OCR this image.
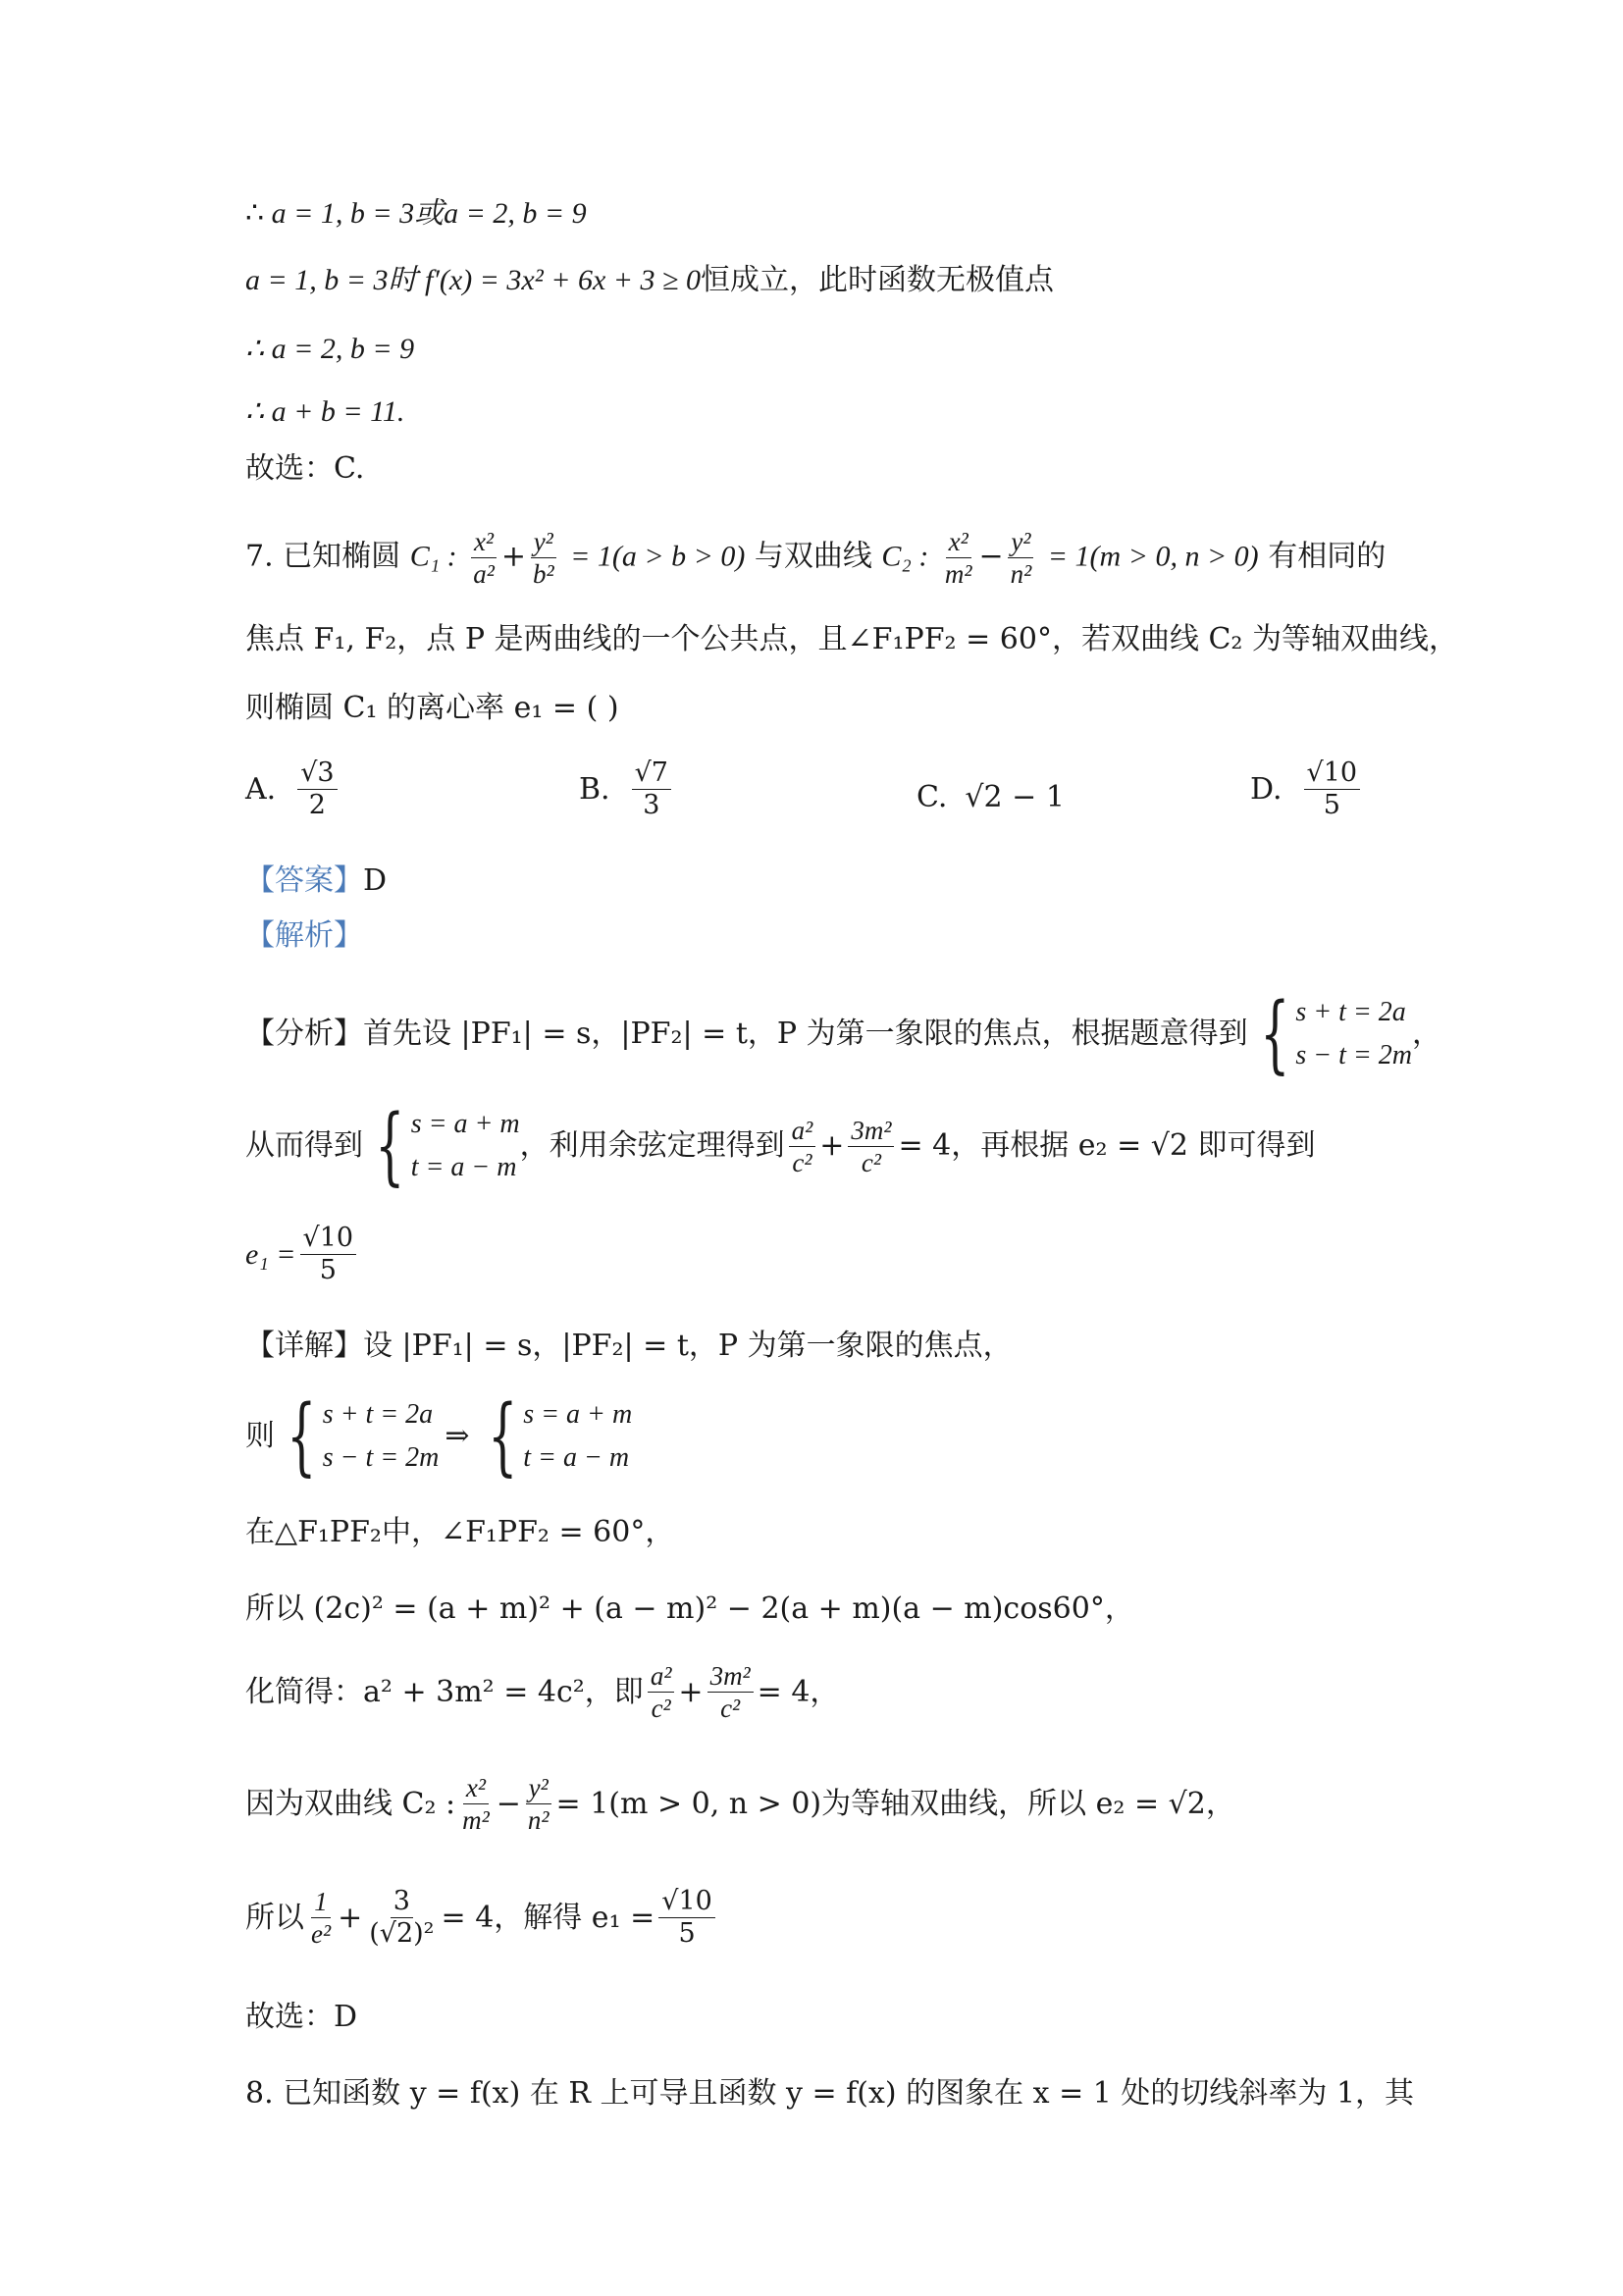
∴ a = 1, b = 3或a = 2, b = 9
a = 1, b = 3时 f′(x) = 3x² + 6x + 3 ≥ 0恒成立，此时函数无极值点
∴ a = 2, b = 9
∴ a + b = 11.
故选：C.
7. 已知椭圆 C₁ : $\frac{\text{x²}}{\text{a²}} + \frac{\text{y²}}{\text{b²}} = 1(a > b > 0)$ 与双曲线 C₂ : $\frac{\text{x²}}{\text{m²}} - \frac{\text{y²}}{\text{n²}} = 1(m > 0$, n > 0) 有相同的
焦点 F₁, F₂，点 P 是两曲线的一个公共点，且∠F₁PF₂ = 60°，若双曲线 C₂ 为等轴双曲线，
则椭圆 C₁ 的离心率 e₁ = ( )
A. $\frac{√3}{2}$	B. $\frac{√7}{3}$	C. √2 − 1	D. $\frac{√10}{5}$
【答案】D
【解析】
【分析】 首先设 |PF₁| = s，|PF₂| = t，P 为第一象限的焦点，根据题意得到 { s + t = 2a
s − t = 2m
，
从而得到 { s = a + m
t = a − m
，利用余弦定理得到 $\frac{\text{a²}}{\text{c²}} + \frac{\text{3m²}}{\text{c²}} = 4$，再根据 e₂ = √2 即可得到
$e_1 = \frac{√10}{5}$
【详解】设 |PF₁| = s，|PF₂| = t，P 为第一象限的焦点，
则 { s + t = 2a
s − t = 2m
⇒ { s = a + m
t = a − m
在△F₁PF₂中，∠F₁PF₂ = 60°，
所以 (2c)² = (a + m)² + (a − m)² − 2(a + m)(a − m)cos60°，
化简得：a² + 3m² = 4c²，即 $\frac{\text{a²}}{\text{c²}} + \frac{\text{3m²}}{\text{c²}} = 4$，
因为双曲线 C₂ : $\frac{\text{x²}}{\text{m²}} - \frac{\text{y²}}{\text{n²}} = 1(m > 0$, n > 0)为等轴双曲线，所以 e₂ = √2，
所以 $\frac{1}{\text{e²}} + \frac{3}{\text{(√2)²}} = 4$，解得 $e_1 = \frac{√10}{5}$
故选：D
8. 已知函数 y = f(x) 在 R 上可导且函数 y = f(x) 的图象在 x = 1 处的切线斜率为 1，其
